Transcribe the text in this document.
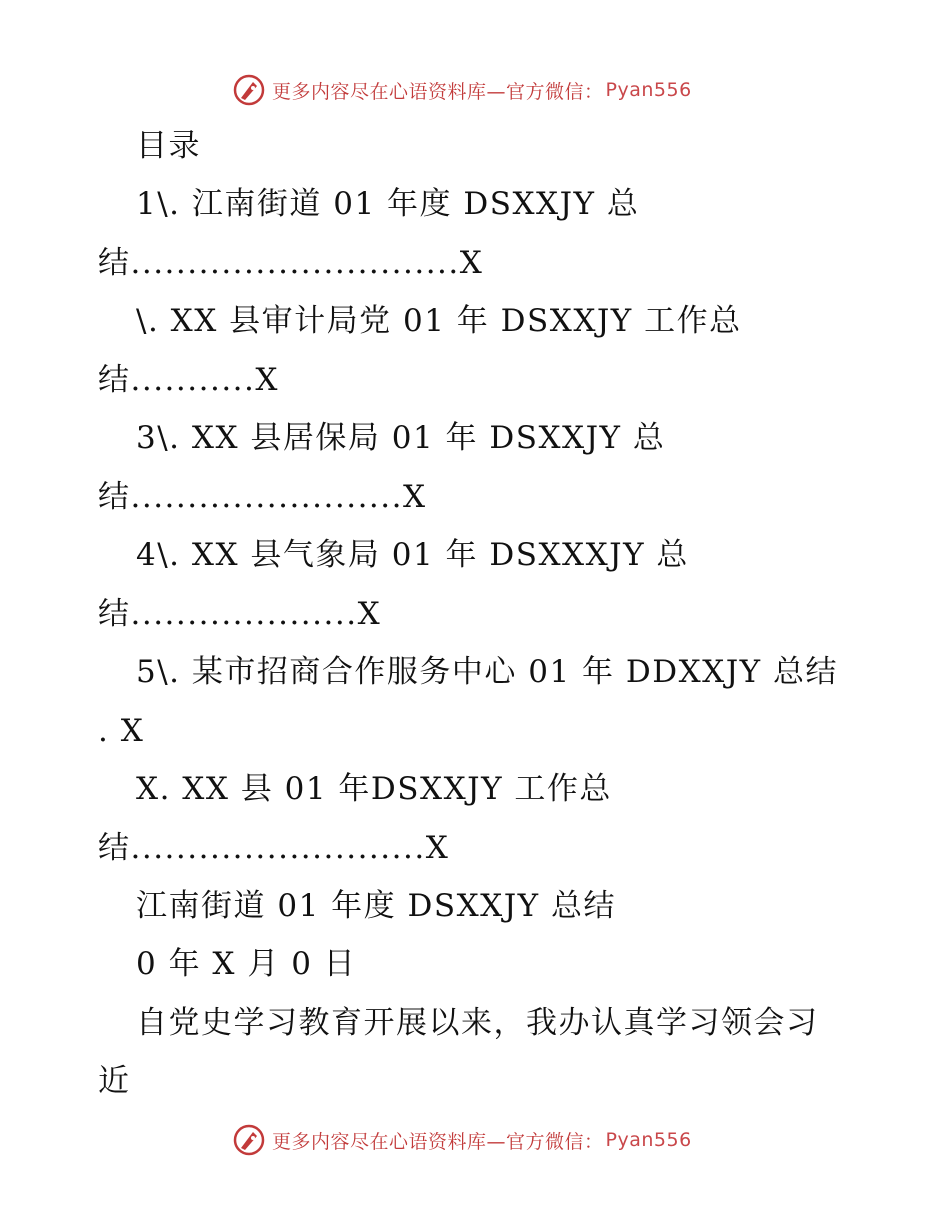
更多内容尽在心语资料库—官方微信： Pyan556
目录
1\. 江南街道 01 年度 DSXXJY 总
结.............................X
\. XX 县审计局党 01 年 DSXXJY 工作总
结...........X
3\. XX 县居保局 01 年 DSXXJY 总
结........................X
4\. XX 县气象局 01 年 DSXXXJY 总
结....................X
5\. 某市招商合作服务中心 01 年 DDXXJY 总结
. X
X. XX 县 01 年DSXXJY 工作总
结..........................X
江南街道 01 年度 DSXXJY 总结
0 年 X 月 0 日
自党史学习教育开展以来，我办认真学习领会习
近
更多内容尽在心语资料库—官方微信： Pyan556
